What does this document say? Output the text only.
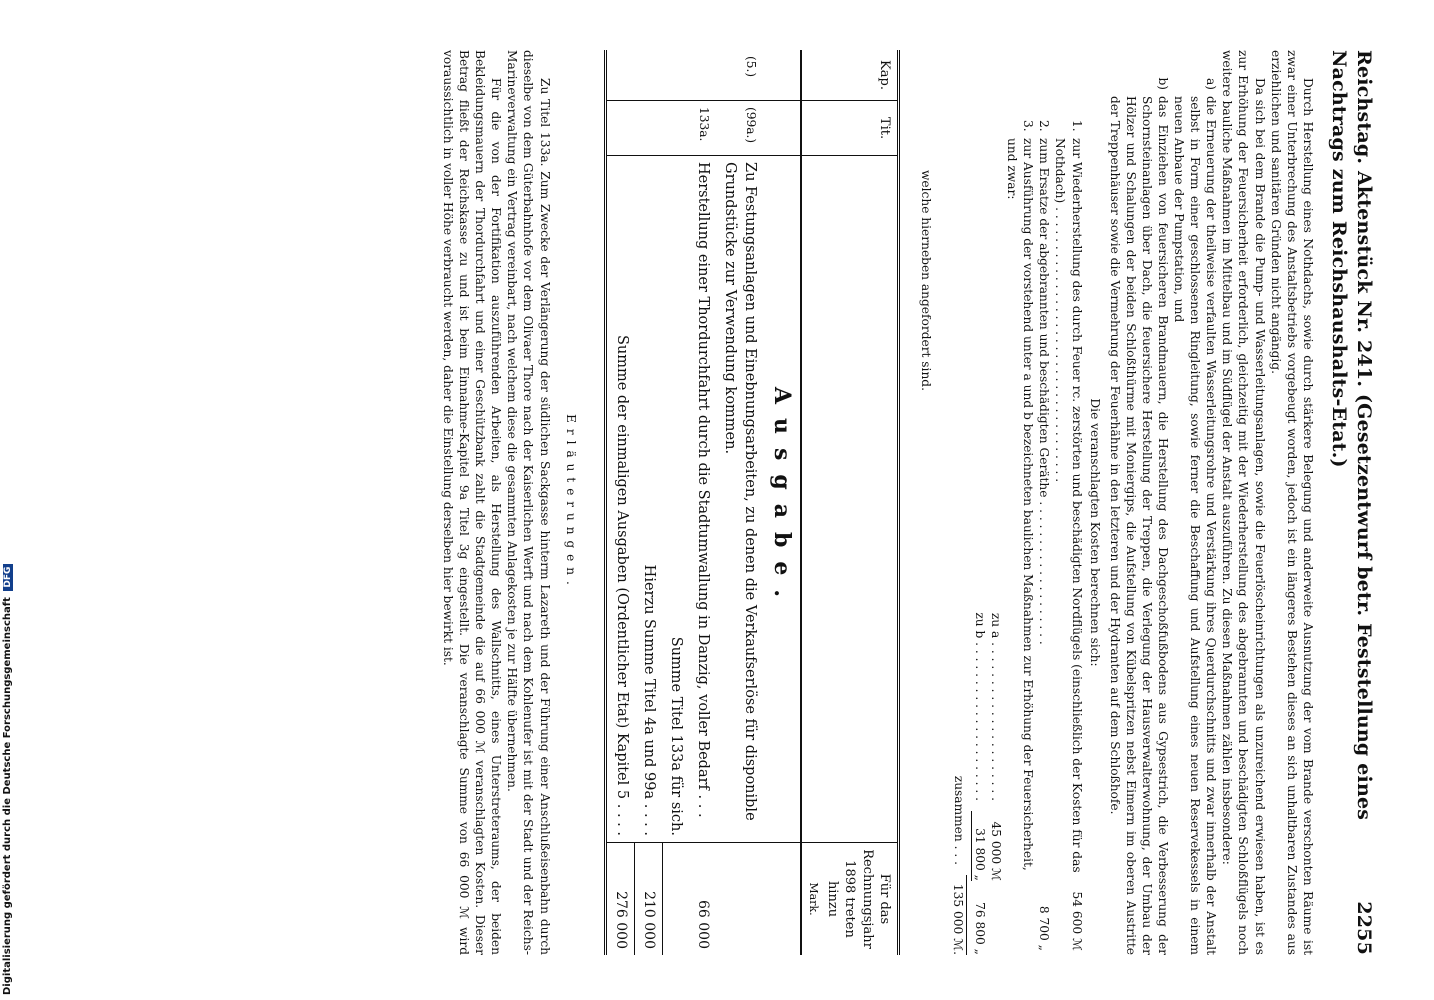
Reichstag. Aktenstück Nr. 241. (Gesetzentwurf betr. Feststellung eines Nachtrags zum Reichshaushalts-Etat.)
2255

Durch Herstellung eines Nothdachs, sowie durch stärkere Belegung und anderweite Ausnutzung der vom Brande verschonten Räume ist zwar einer Unterbrechung des Anstaltsbetriebs vorgebeugt worden, jedoch ist ein längeres Bestehen dieses an sich unhaltbaren Zustandes aus erziehlichen und sanitären Gründen nicht angängig.

Da sich bei dem Brande die Pump- und Wasserleitungsanlagen, sowie die Feuerlöscheinrichtungen als unzureichend erwiesen haben, ist es zur Erhöhung der Feuersicherheit erforderlich, gleichzeitig mit der Wiederherstellung des abgebrannten und beschädigten Schloßflügels noch weitere bauliche Maßnahmen im Mittelbau und im Südflügel der Anstalt auszuführen. Zu diesen Maßnahmen zählen insbesondere:

a)
die Erneuerung der theilweise verfaulten Wasserleitungsrohre und Verstärkung ihres Querdurchschnitts und zwar innerhalb der Anstalt selbst in Form einer geschlossenen Ringleitung, sowie ferner die Beschaffung und Aufstellung eines neuen Reservekessels in einem neuen Anbaue der Pumpstation, und
b)
das Einziehen von feuersicheren Brandmauern, die Herstellung des Dachgeschoßfußbodens aus Gypsestrich, die Verbesserung der Schornsteinanlagen über Dach, die feuersichere Herstellung der Treppen, die Verlegung der Hausverwalterwohnung, der Umbau der Hölzer und Schalungen der beiden Schloßthürme mit Moniergips, die Aufstellung von Kübelspritzen nebst Eimern im oberen Austritte der Treppenhäuser sowie die Vermehrung der Feuerhähne in den letzteren und der Hydranten auf dem Schloßhofe.
Die veranschlagten Kosten berechnen sich:
1.
zur Wiederherstellung des durch Feuer rc. zerstörten und beschädigten Nordflügels (einschließlich der Kosten für das Nothdach) . . . . . . . . . . . . . . . . . . . . . . . . . . . . . . . . . . . .
54 600 ℳ
2.
zum Ersatze der abgebrannten und beschädigten Geräthe . . . . . . . . . . . . . . . . . . .
8 700 „
3.
zur Ausführung der vorstehend unter a und b bezeichneten baulichen Maßnahmen zur Erhöhung der Feuersicherheit, und zwar:
zu a . . . . . . . . . . . . . . . . . . . . .
45 000 ℳ
zu b . . . . . . . . . . . . . . . . . . . . .
31 800 „
76 800 „
zusammen . . .
135 000 ℳ.
welche hierneben angefordert sind.
Kap.	Tit.		Für das Rechnungsjahr 1898 treten hinzu
Mark.

		Ausgabe.	
(5.)	(99a.)	Zu Festungsanlagen und Einebnungsarbeiten, zu denen die Verkaufserlöse für disponible Grundstücke zur Verwendung kommen.	
	133a.	Herstellung einer Thordurchfahrt durch die Stadtumwallung in Danzig, voller Bedarf . . .	66 000
		Summe Titel 133a für sich.	
		Hierzu Summe Titel 4a und 99a . . . .	210 000
		Summe der einmaligen Ausgaben (Ordentlicher Etat) Kapitel 5 . . . .	276 000
Erläuterungen.

Zu Titel 133a. Zum Zwecke der Verlängerung der südlichen Sackgasse hinterm Lazareth und der Führung einer Anschlußeisenbahn durch dieselbe von dem Güterbahnhofe vor dem Olivaer Thore nach der Kaiserlichen Werft und nach dem Kohlenufer ist mit der Stadt und der Reichs-Marineverwaltung ein Vertrag vereinbart, nach welchem diese die gesammten Anlagekosten je zur Hälfte übernehmen.

Für die von der Fortifikation auszuführenden Arbeiten, als Herstellung des Wallschnitts, eines Unterstreteraums, der beiden Bekleidungsmauern der Thordurchfahrt und einer Geschützbank zahlt die Stadtgemeinde die auf 66 000 ℳ veranschlagten Kosten. Dieser Betrag fließt der Reichskasse zu und ist beim Einnahme-Kapitel 9a Titel 3g eingestellt. Die veranschlagte Summe von 66 000 ℳ wird voraussichtlich in voller Höhe verbraucht werden, daher die Einstellung derselben hier bewirkt ist.

Digitalisierung gefördert durch die Deutsche Forschungsgemeinschaft DFG
